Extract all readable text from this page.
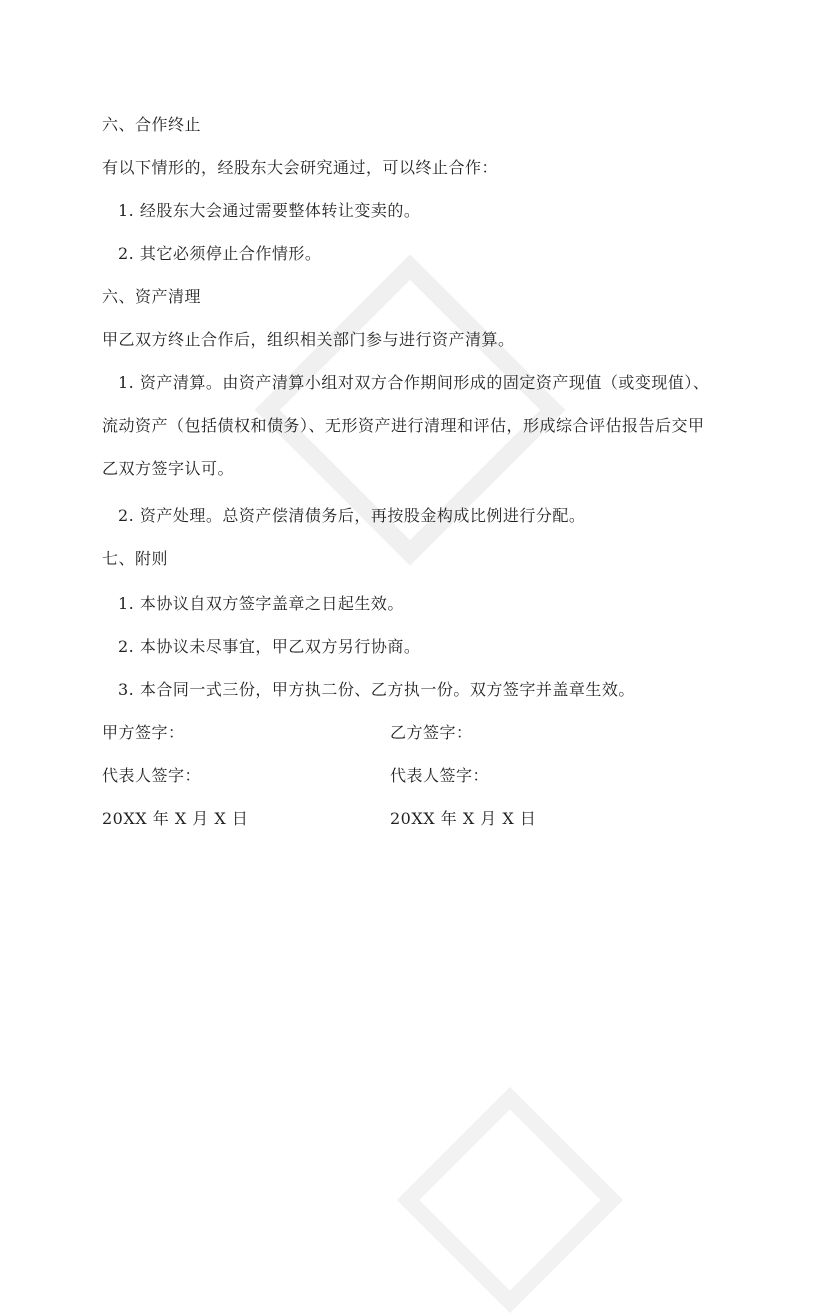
六、合作终止
有以下情形的，经股东大会研究通过，可以终止合作：
1. 经股东大会通过需要整体转让变卖的。
2. 其它必须停止合作情形。
六、资产清理
甲乙双方终止合作后，组织相关部门参与进行资产清算。
1. 资产清算。由资产清算小组对双方合作期间形成的固定资产现值（或变现值）、
流动资产（包括债权和债务）、无形资产进行清理和评估，形成综合评估报告后交甲
乙双方签字认可。
2. 资产处理。总资产偿清债务后，再按股金构成比例进行分配。
七、附则
1. 本协议自双方签字盖章之日起生效。
2. 本协议未尽事宜，甲乙双方另行协商。
3. 本合同一式三份，甲方执二份、乙方执一份。双方签字并盖章生效。
甲方签字：	乙方签字：
代表人签字：	代表人签字：
20XX 年 X 月 X 日	20XX 年 X 月 X 日
